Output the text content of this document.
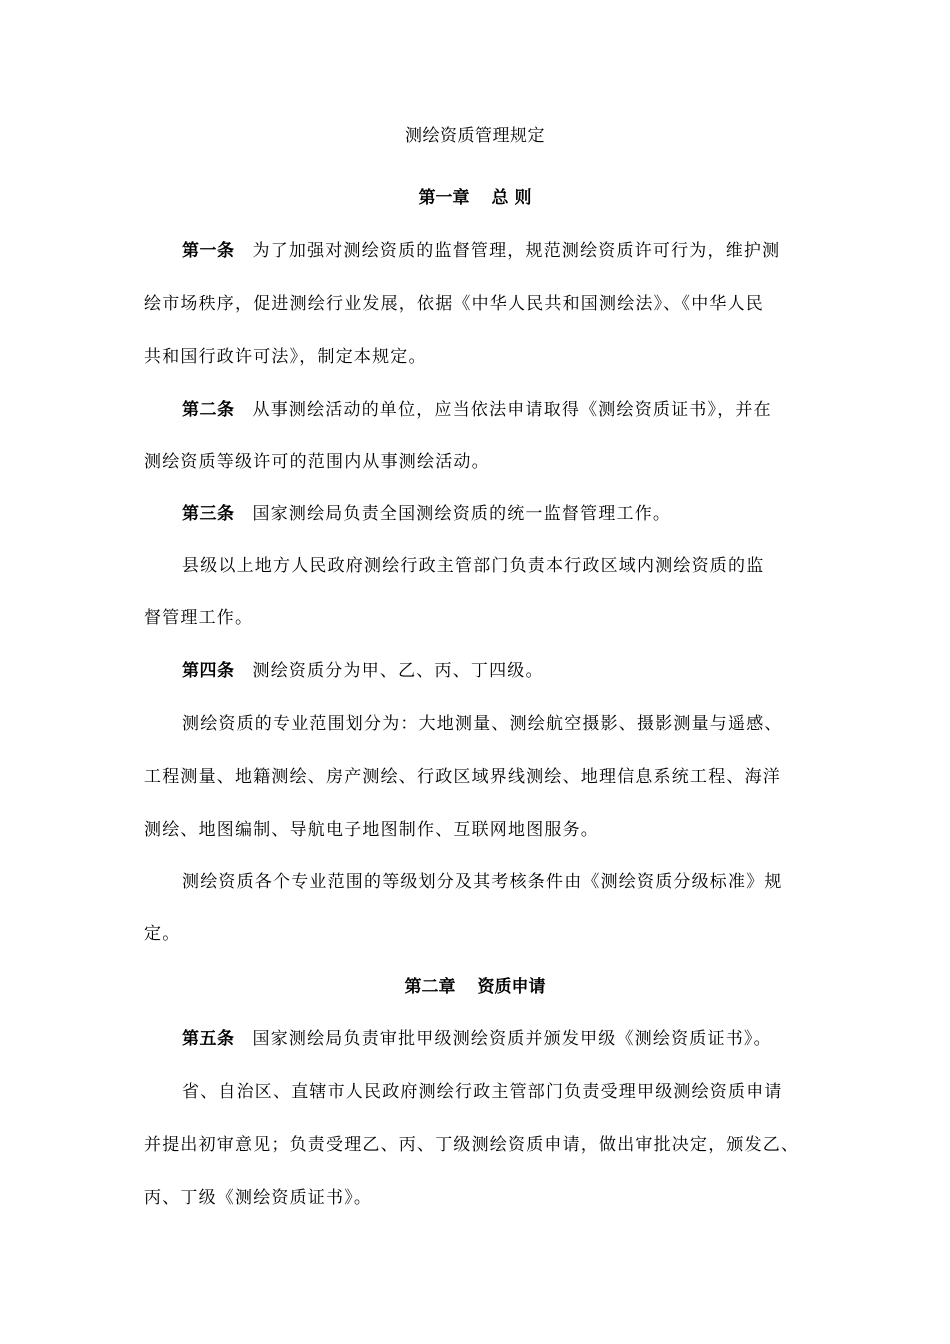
测绘资质管理规定
第一章 总 则
第一条 为了加强对测绘资质的监督管理，规范测绘资质许可行为，维护测
绘市场秩序，促进测绘行业发展，依据《中华人民共和国测绘法》、《中华人民
共和国行政许可法》，制定本规定。
第二条 从事测绘活动的单位，应当依法申请取得《测绘资质证书》，并在
测绘资质等级许可的范围内从事测绘活动。
第三条 国家测绘局负责全国测绘资质的统一监督管理工作。
县级以上地方人民政府测绘行政主管部门负责本行政区域内测绘资质的监
督管理工作。
第四条 测绘资质分为甲、乙、丙、丁四级。
测绘资质的专业范围划分为：大地测量、测绘航空摄影、摄影测量与遥感、
工程测量、地籍测绘、房产测绘、行政区域界线测绘、地理信息系统工程、海洋
测绘、地图编制、导航电子地图制作、互联网地图服务。
测绘资质各个专业范围的等级划分及其考核条件由《测绘资质分级标准》规
定。
第二章 资质申请
第五条 国家测绘局负责审批甲级测绘资质并颁发甲级《测绘资质证书》。
省、自治区、直辖市人民政府测绘行政主管部门负责受理甲级测绘资质申请
并提出初审意见；负责受理乙、丙、丁级测绘资质申请，做出审批决定，颁发乙、
丙、丁级《测绘资质证书》。
